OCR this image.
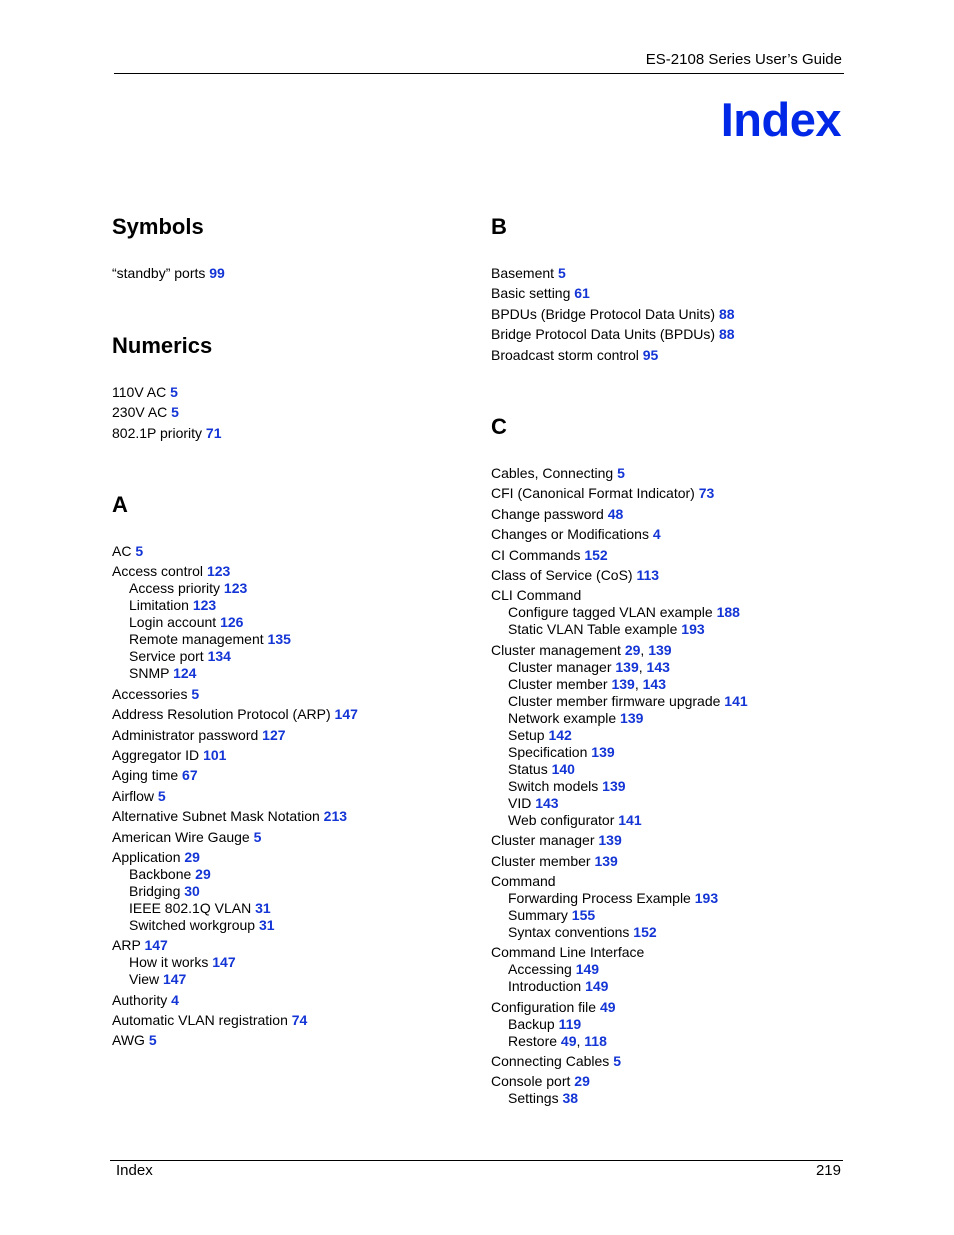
ES-2108 Series User’s Guide
Index
Symbols
“standby” ports 99
Numerics
110V AC 5
230V AC 5
802.1P priority 71
A
AC 5
Access control 123
Access priority 123
Limitation 123
Login account 126
Remote management 135
Service port 134
SNMP 124
Accessories 5
Address Resolution Protocol (ARP) 147
Administrator password 127
Aggregator ID 101
Aging time 67
Airflow 5
Alternative Subnet Mask Notation 213
American Wire Gauge 5
Application 29
Backbone 29
Bridging 30
IEEE 802.1Q VLAN 31
Switched workgroup 31
ARP 147
How it works 147
View 147
Authority 4
Automatic VLAN registration 74
AWG 5
B
Basement 5
Basic setting 61
BPDUs (Bridge Protocol Data Units) 88
Bridge Protocol Data Units (BPDUs) 88
Broadcast storm control 95
C
Cables, Connecting 5
CFI (Canonical Format Indicator) 73
Change password 48
Changes or Modifications 4
CI Commands 152
Class of Service (CoS) 113
CLI Command
Configure tagged VLAN example 188
Static VLAN Table example 193
Cluster management 29, 139
Cluster manager 139, 143
Cluster member 139, 143
Cluster member firmware upgrade 141
Network example 139
Setup 142
Specification 139
Status 140
Switch models 139
VID 143
Web configurator 141
Cluster manager 139
Cluster member 139
Command
Forwarding Process Example 193
Summary 155
Syntax conventions 152
Command Line Interface
Accessing 149
Introduction 149
Configuration file 49
Backup 119
Restore 49, 118
Connecting Cables 5
Console port 29
Settings 38
Index	219
